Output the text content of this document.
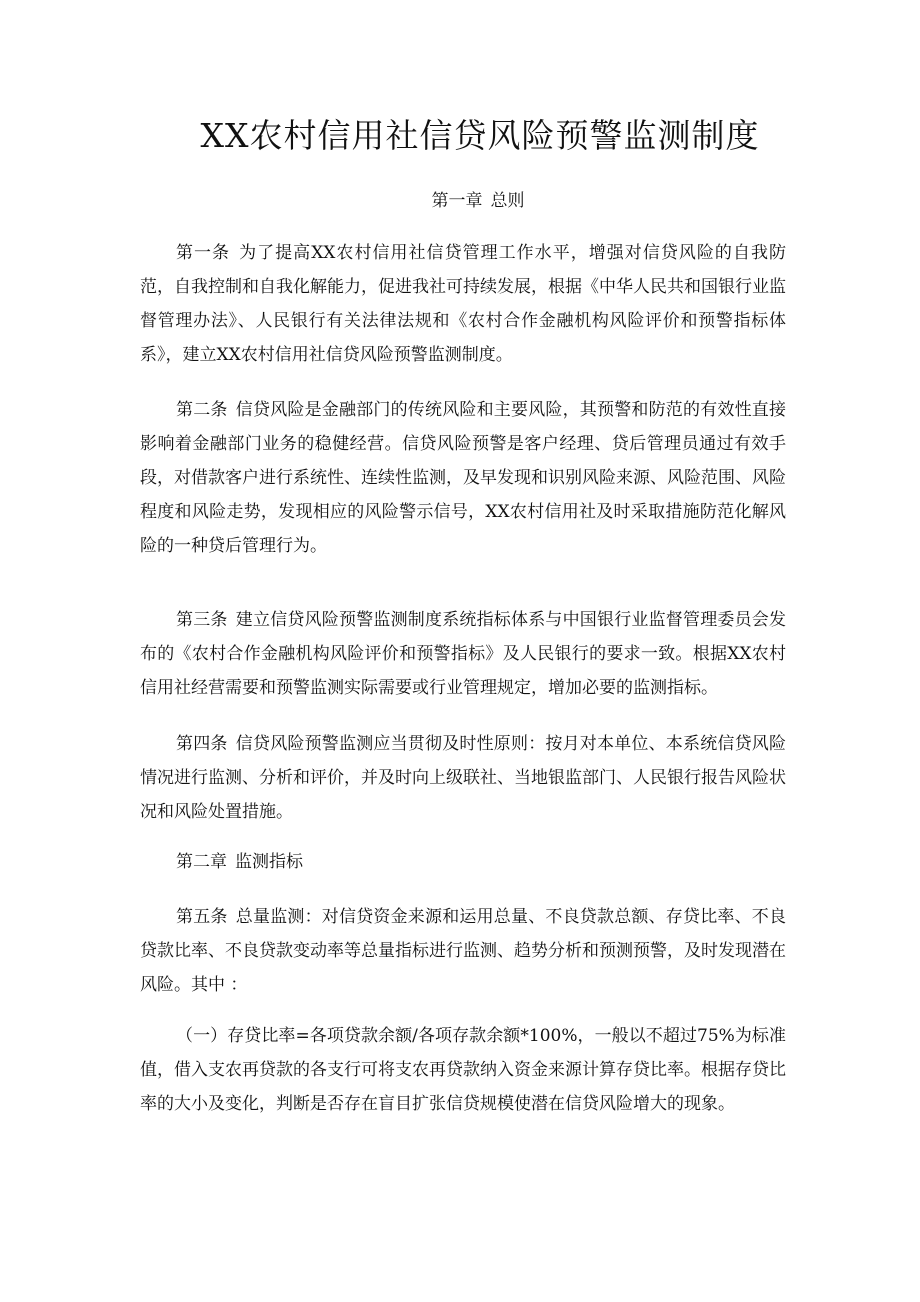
XX农村信用社信贷风险预警监测制度
第一章 总则

第一条 为了提高XX农村信用社信贷管理工作水平，增强对信贷风险的自我防范，自我控制和自我化解能力，促进我社可持续发展，根据《中华人民共和国银行业监督管理办法》、人民银行有关法律法规和《农村合作金融机构风险评价和预警指标体系》，建立XX农村信用社信贷风险预警监测制度。

第二条 信贷风险是金融部门的传统风险和主要风险，其预警和防范的有效性直接影响着金融部门业务的稳健经营。信贷风险预警是客户经理、贷后管理员通过有效手段，对借款客户进行系统性、连续性监测，及早发现和识别风险来源、风险范围、风险程度和风险走势，发现相应的风险警示信号，XX农村信用社及时采取措施防范化解风险的一种贷后管理行为。

第三条 建立信贷风险预警监测制度系统指标体系与中国银行业监督管理委员会发布的《农村合作金融机构风险评价和预警指标》及人民银行的要求一致。根据XX农村信用社经营需要和预警监测实际需要或行业管理规定，增加必要的监测指标。

第四条 信贷风险预警监测应当贯彻及时性原则：按月对本单位、本系统信贷风险情况进行监测、分析和评价，并及时向上级联社、当地银监部门、人民银行报告风险状况和风险处置措施。

第二章 监测指标

第五条 总量监测：对信贷资金来源和运用总量、不良贷款总额、存贷比率、不良贷款比率、不良贷款变动率等总量指标进行监测、趋势分析和预测预警，及时发现潜在风险。其中 ：

（一）存贷比率=各项贷款余额/各项存款余额*100%，一般以不超过75%为标准值，借入支农再贷款的各支行可将支农再贷款纳入资金来源计算存贷比率。根据存贷比率的大小及变化，判断是否存在盲目扩张信贷规模使潜在信贷风险增大的现象。
